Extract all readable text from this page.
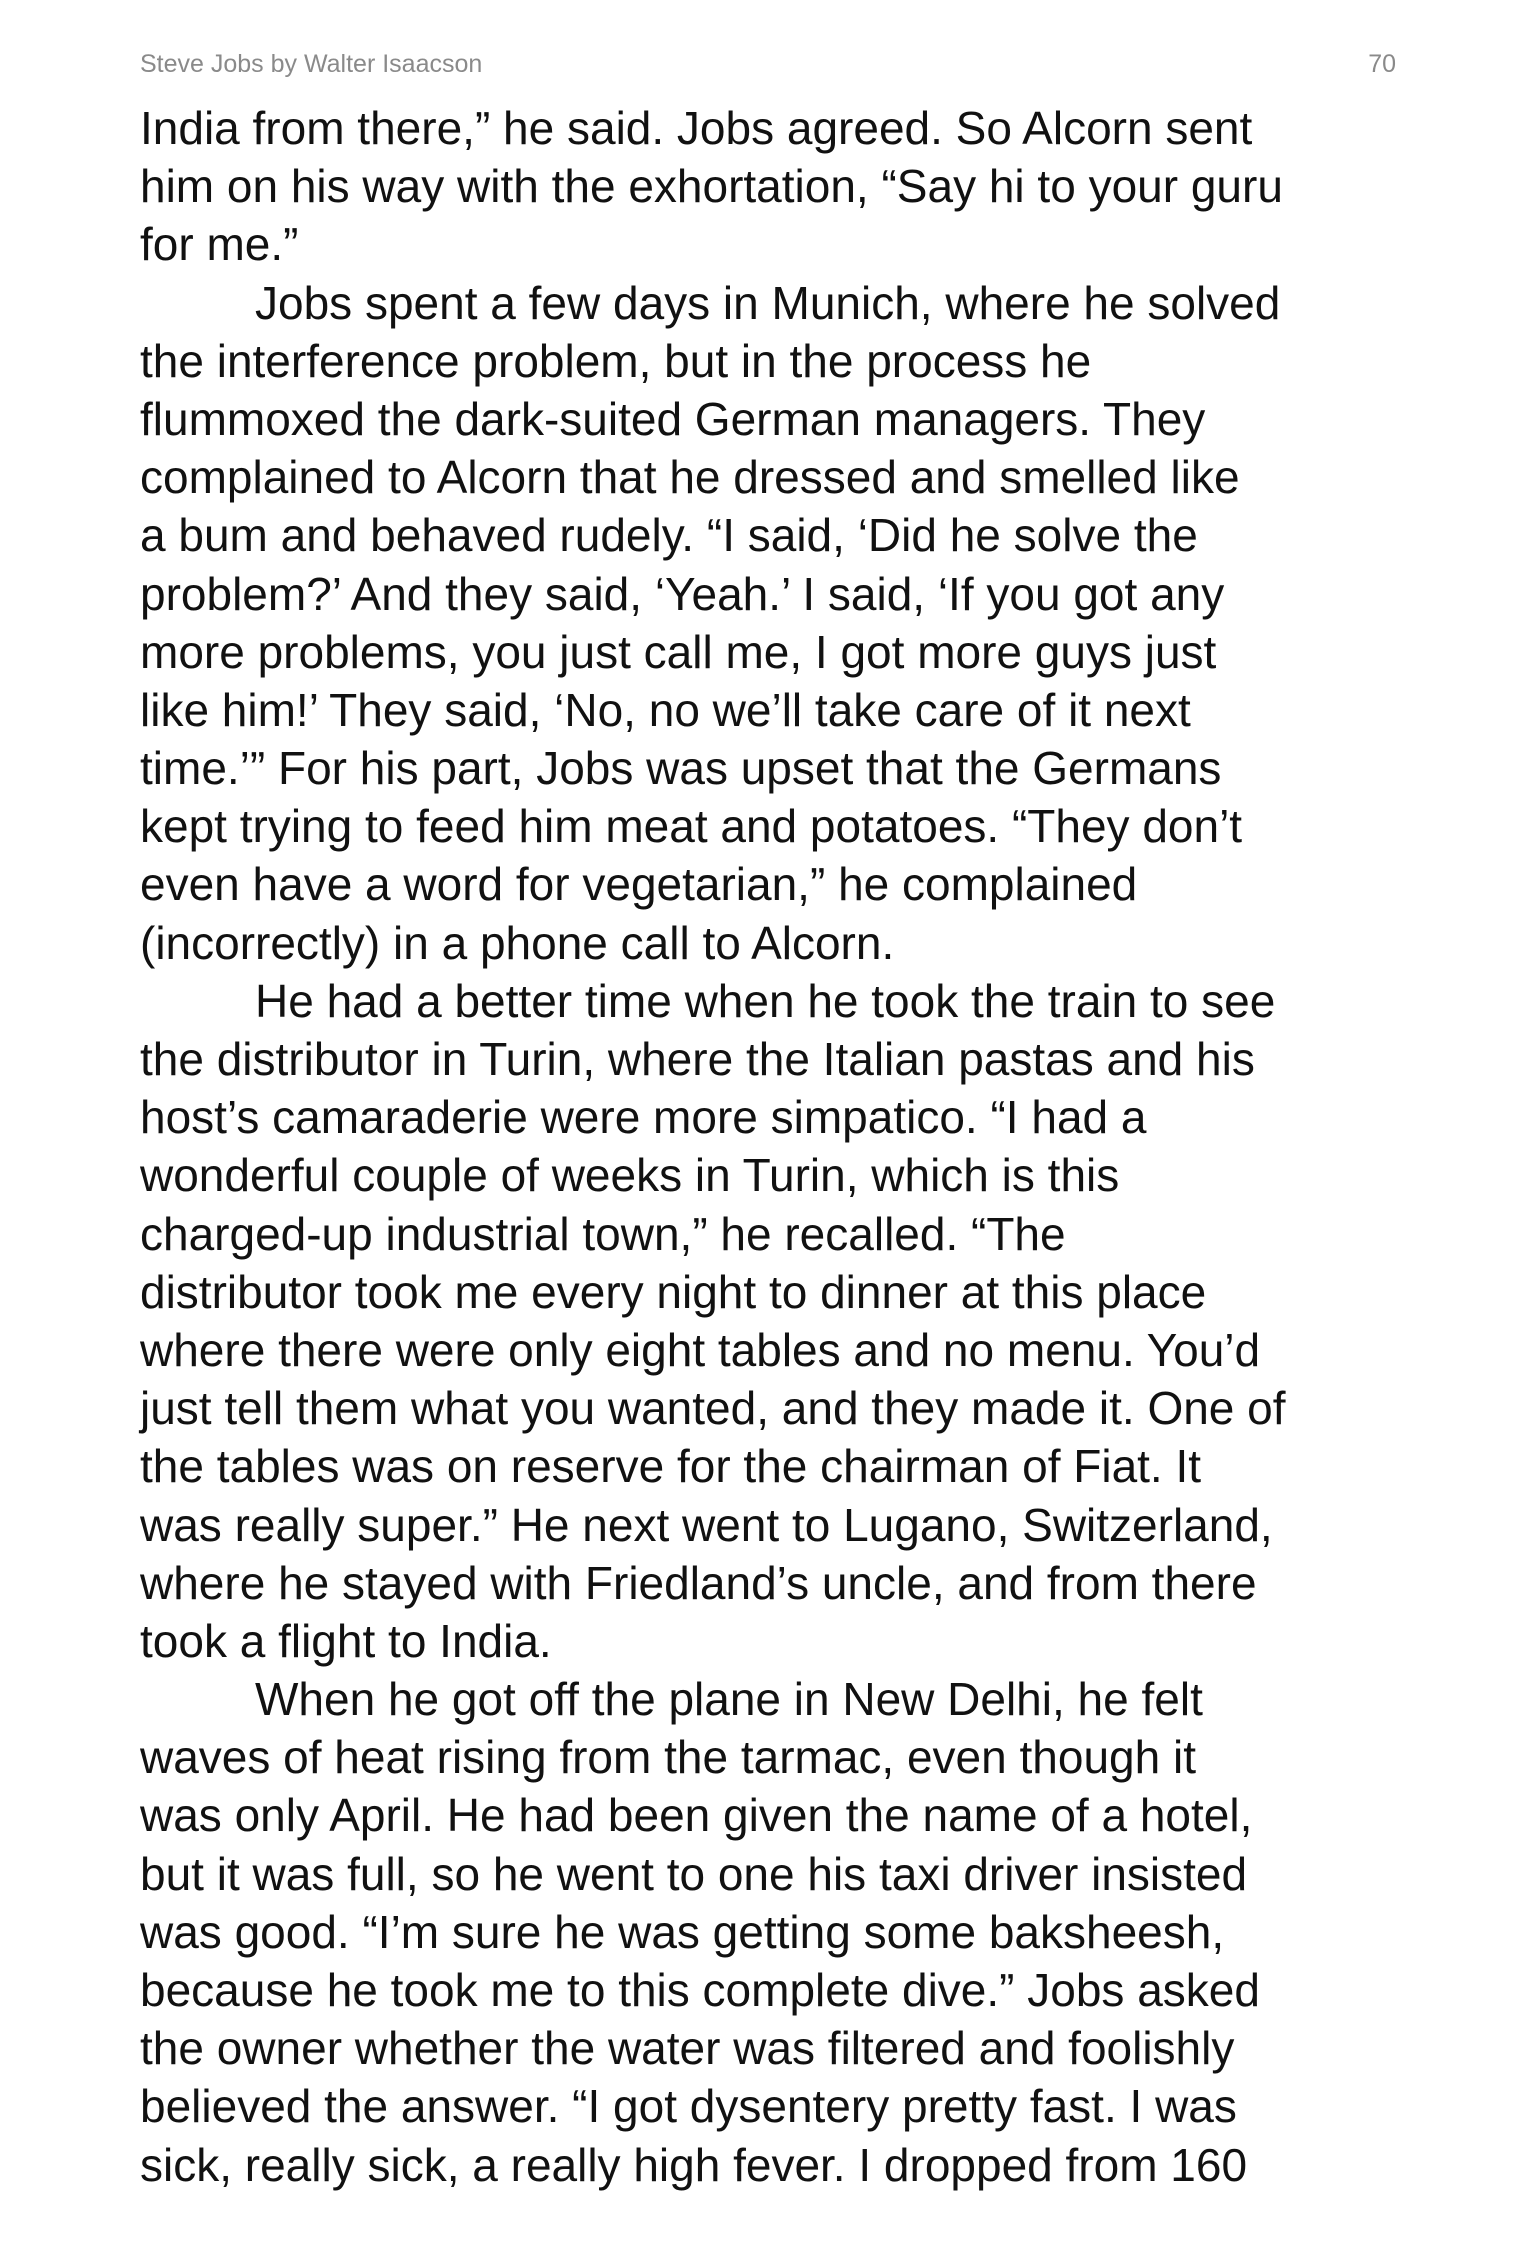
Steve Jobs by Walter Isaacson	70
India from there,” he said. Jobs agreed. So Alcorn sent
him on his way with the exhortation, “Say hi to your guru
for me.”
Jobs spent a few days in Munich, where he solved
the interference problem, but in the process he
flummoxed the dark-suited German managers. They
complained to Alcorn that he dressed and smelled like
a bum and behaved rudely. “I said, ‘Did he solve the
problem?’ And they said, ‘Yeah.’ I said, ‘If you got any
more problems, you just call me, I got more guys just
like him!’ They said, ‘No, no we’ll take care of it next
time.’” For his part, Jobs was upset that the Germans
kept trying to feed him meat and potatoes. “They don’t
even have a word for vegetarian,” he complained
(incorrectly) in a phone call to Alcorn.
He had a better time when he took the train to see
the distributor in Turin, where the Italian pastas and his
host’s camaraderie were more simpatico. “I had a
wonderful couple of weeks in Turin, which is this
charged-up industrial town,” he recalled. “The
distributor took me every night to dinner at this place
where there were only eight tables and no menu. You’d
just tell them what you wanted, and they made it. One of
the tables was on reserve for the chairman of Fiat. It
was really super.” He next went to Lugano, Switzerland,
where he stayed with Friedland’s uncle, and from there
took a flight to India.
When he got off the plane in New Delhi, he felt
waves of heat rising from the tarmac, even though it
was only April. He had been given the name of a hotel,
but it was full, so he went to one his taxi driver insisted
was good. “I’m sure he was getting some baksheesh,
because he took me to this complete dive.” Jobs asked
the owner whether the water was filtered and foolishly
believed the answer. “I got dysentery pretty fast. I was
sick, really sick, a really high fever. I dropped from 160
